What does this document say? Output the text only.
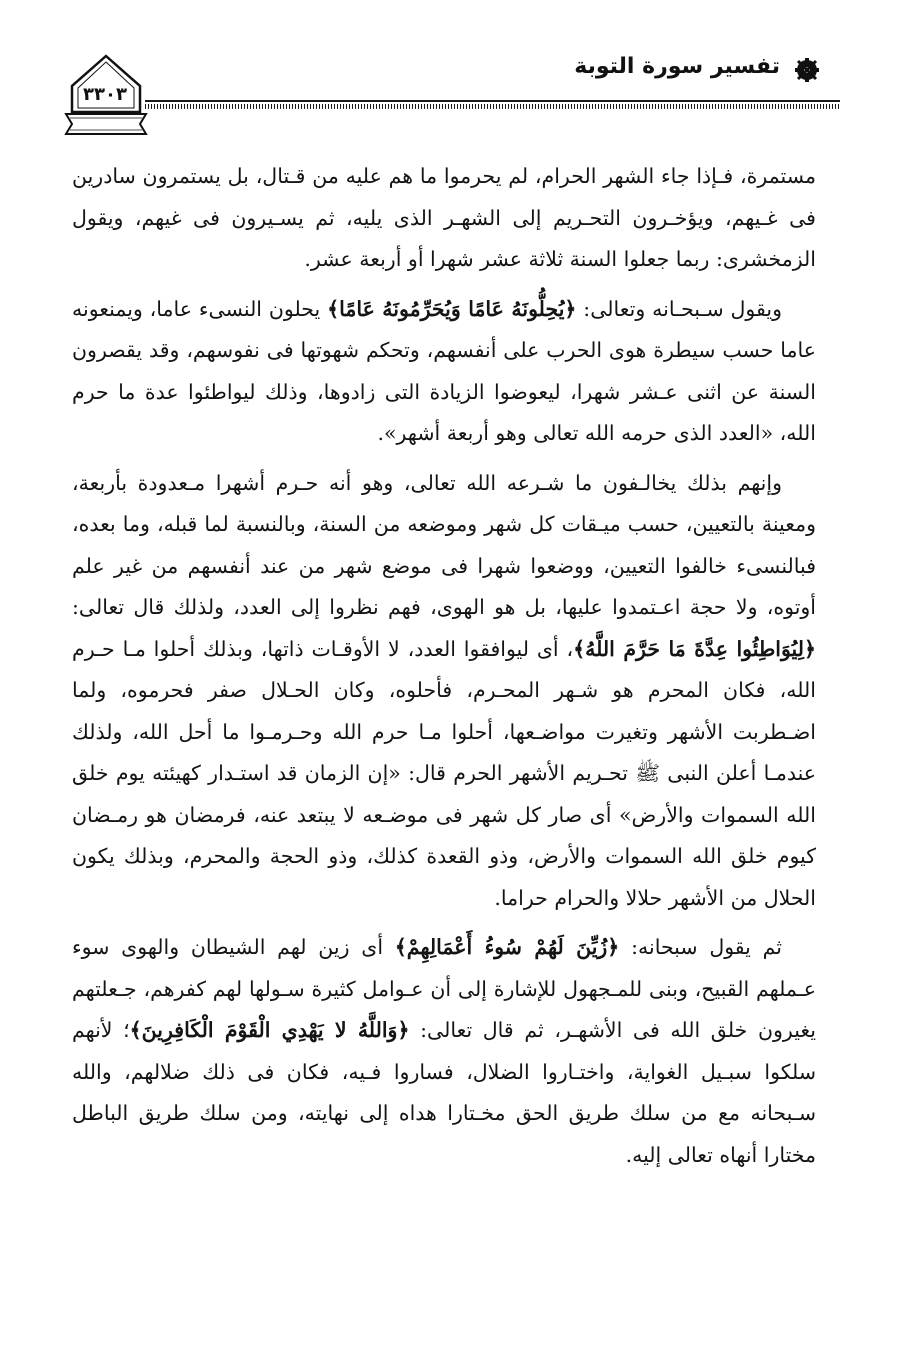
تفسير سورة التوبة
٣٣٠٣

مستمرة، فـإذا جاء الشهر الحرام، لم يحرموا ما هم عليه من قـتال، بل يستمرون سادرين فى غـيهم، ويؤخـرون التحـريم إلى الشهـر الذى يليه، ثم يسـيرون فى غيهم، ويقول الزمخشرى: ربما جعلوا السنة ثلاثة عشر شهرا أو أربعة عشر.

ويقول سـبحـانه وتعالى: ﴿يُحِلُّونَهُ عَامًا وَيُحَرِّمُونَهُ عَامًا﴾ يحلون النسىء عاما، ويمنعونه عاما حسب سيطرة هوى الحرب على أنفسهم، وتحكم شهوتها فى نفوسهم، وقد يقصرون السنة عن اثنى عـشر شهرا، ليعوضوا الزيادة التى زادوها، وذلك ليواطئوا عدة ما حرم الله، «العدد الذى حرمه الله تعالى وهو أربعة أشهر».

وإنهم بذلك يخالـفون ما شـرعه الله تعالى، وهو أنه حـرم أشهرا مـعدودة بأربعة، ومعينة بالتعيين، حسب ميـقات كل شهر وموضعه من السنة، وبالنسبة لما قبله، وما بعده، فبالنسىء خالفوا التعيين، ووضعوا شهرا فى موضع شهر من عند أنفسهم من غير علم أوتوه، ولا حجة اعـتمدوا عليها، بل هو الهوى، فهم نظروا إلى العدد، ولذلك قال تعالى: ﴿لِيُوَاطِئُوا عِدَّةَ مَا حَرَّمَ اللَّهُ﴾، أى ليوافقوا العدد، لا الأوقـات ذاتها، وبذلك أحلوا مـا حـرم الله، فكان المحرم هو شـهر المحـرم، فأحلوه، وكان الحـلال صفر فحرموه، ولما اضـطربت الأشهر وتغيرت مواضـعها، أحلوا مـا حرم الله وحـرمـوا ما أحل الله، ولذلك عندمـا أعلن النبى ﷺ تحـريم الأشهر الحرم قال: «إن الزمان قد استـدار كهيئته يوم خلق الله السموات والأرض» أى صار كل شهر فى موضـعه لا يبتعد عنه، فرمضان هو رمـضان كيوم خلق الله السموات والأرض، وذو القعدة كذلك، وذو الحجة والمحرم، وبذلك يكون الحلال من الأشهر حلالا والحرام حراما.

ثم يقول سبحانه: ﴿زُيِّنَ لَهُمْ سُوءُ أَعْمَالِهِمْ﴾ أى زين لهم الشيطان والهوى سوء عـملهم القبيح، وبنى للمـجهول للإشارة إلى أن عـوامل كثيرة سـولها لهم كفرهم، جـعلتهم يغيرون خلق الله فى الأشهـر، ثم قال تعالى: ﴿وَاللَّهُ لا يَهْدِي الْقَوْمَ الْكَافِرِينَ﴾؛ لأنهم سلكوا سبـيل الغواية، واختـاروا الضلال، فساروا فـيه، فكان فى ذلك ضلالهم، والله سـبحانه مع من سلك طريق الحق مخـتارا هداه إلى نهايته، ومن سلك طريق الباطل مختارا أنهاه تعالى إليه.
